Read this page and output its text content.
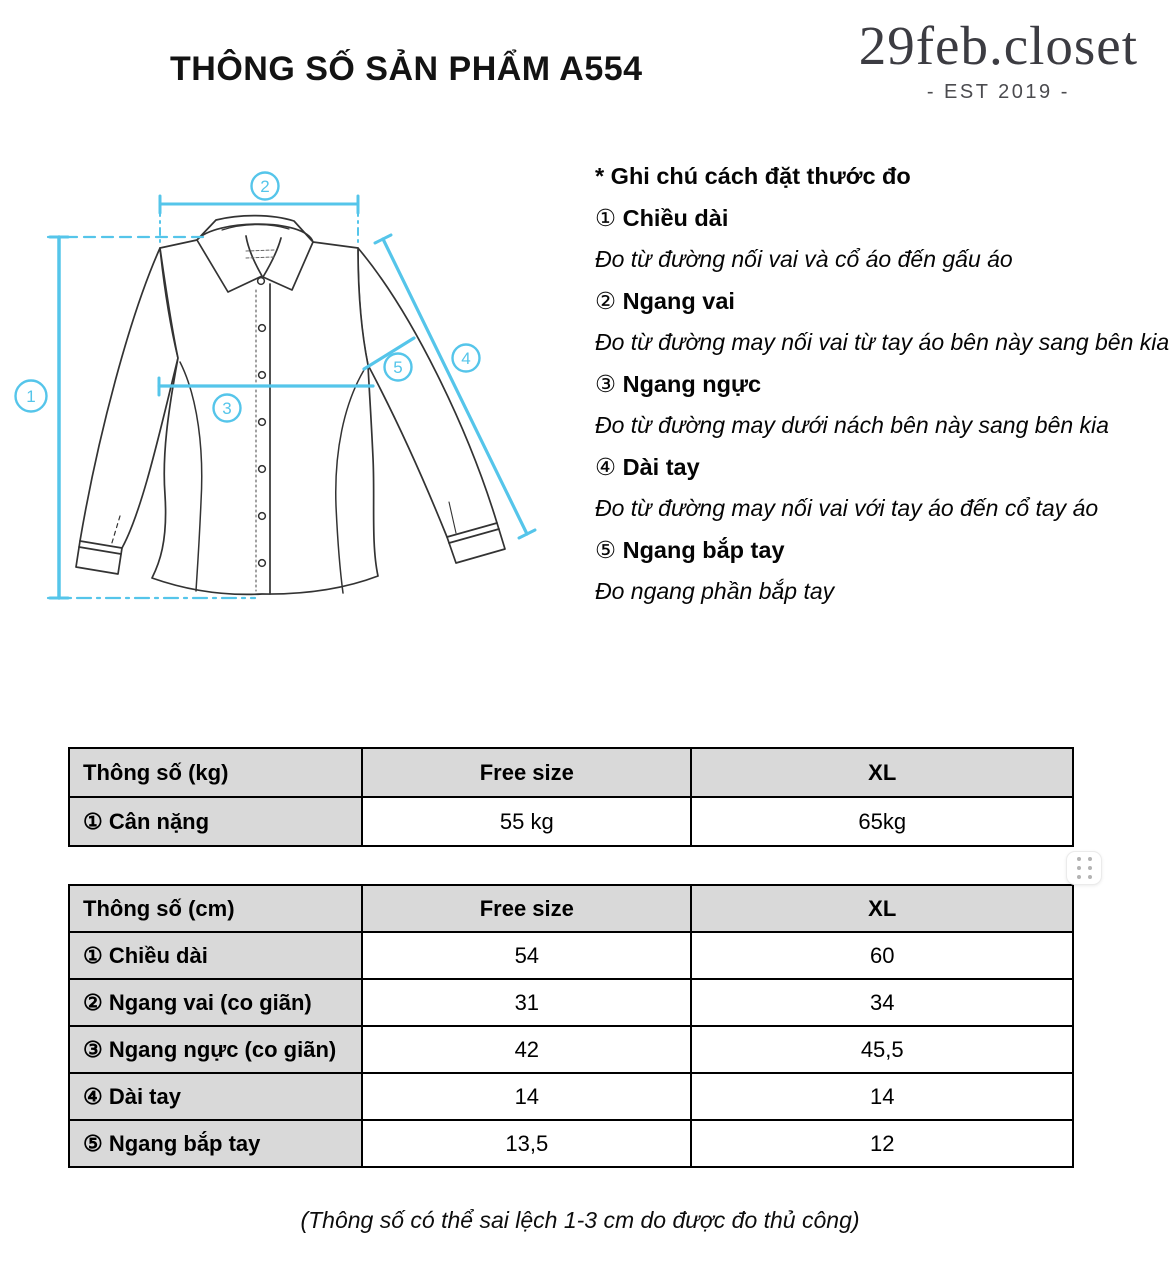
THÔNG SỐ SẢN PHẨM A554	29feb.closet
- EST 2019 -
1
2
3
4
5
* Ghi chú cách đặt thước đo
① Chiều dài
Đo từ đường nối vai và cổ áo đến gấu áo
② Ngang vai
Đo từ đường may nối vai từ tay áo bên này sang bên kia
③ Ngang ngực
Đo từ đường may dưới nách bên này sang bên kia
④ Dài tay
Đo từ đường may nối vai với tay áo đến cổ tay áo
⑤ Ngang bắp tay
Đo ngang phần bắp tay
Thông số (kg)	Free size	XL
① Cân nặng	55 kg	65kg
Thông số (cm)	Free size	XL
① Chiều dài	54	60
② Ngang vai (co giãn)	31	34
③ Ngang ngực (co giãn)	42	45,5
④ Dài tay	14	14
⑤ Ngang bắp tay	13,5	12
(Thông số có thể sai lệch 1-3 cm do được đo thủ công)
